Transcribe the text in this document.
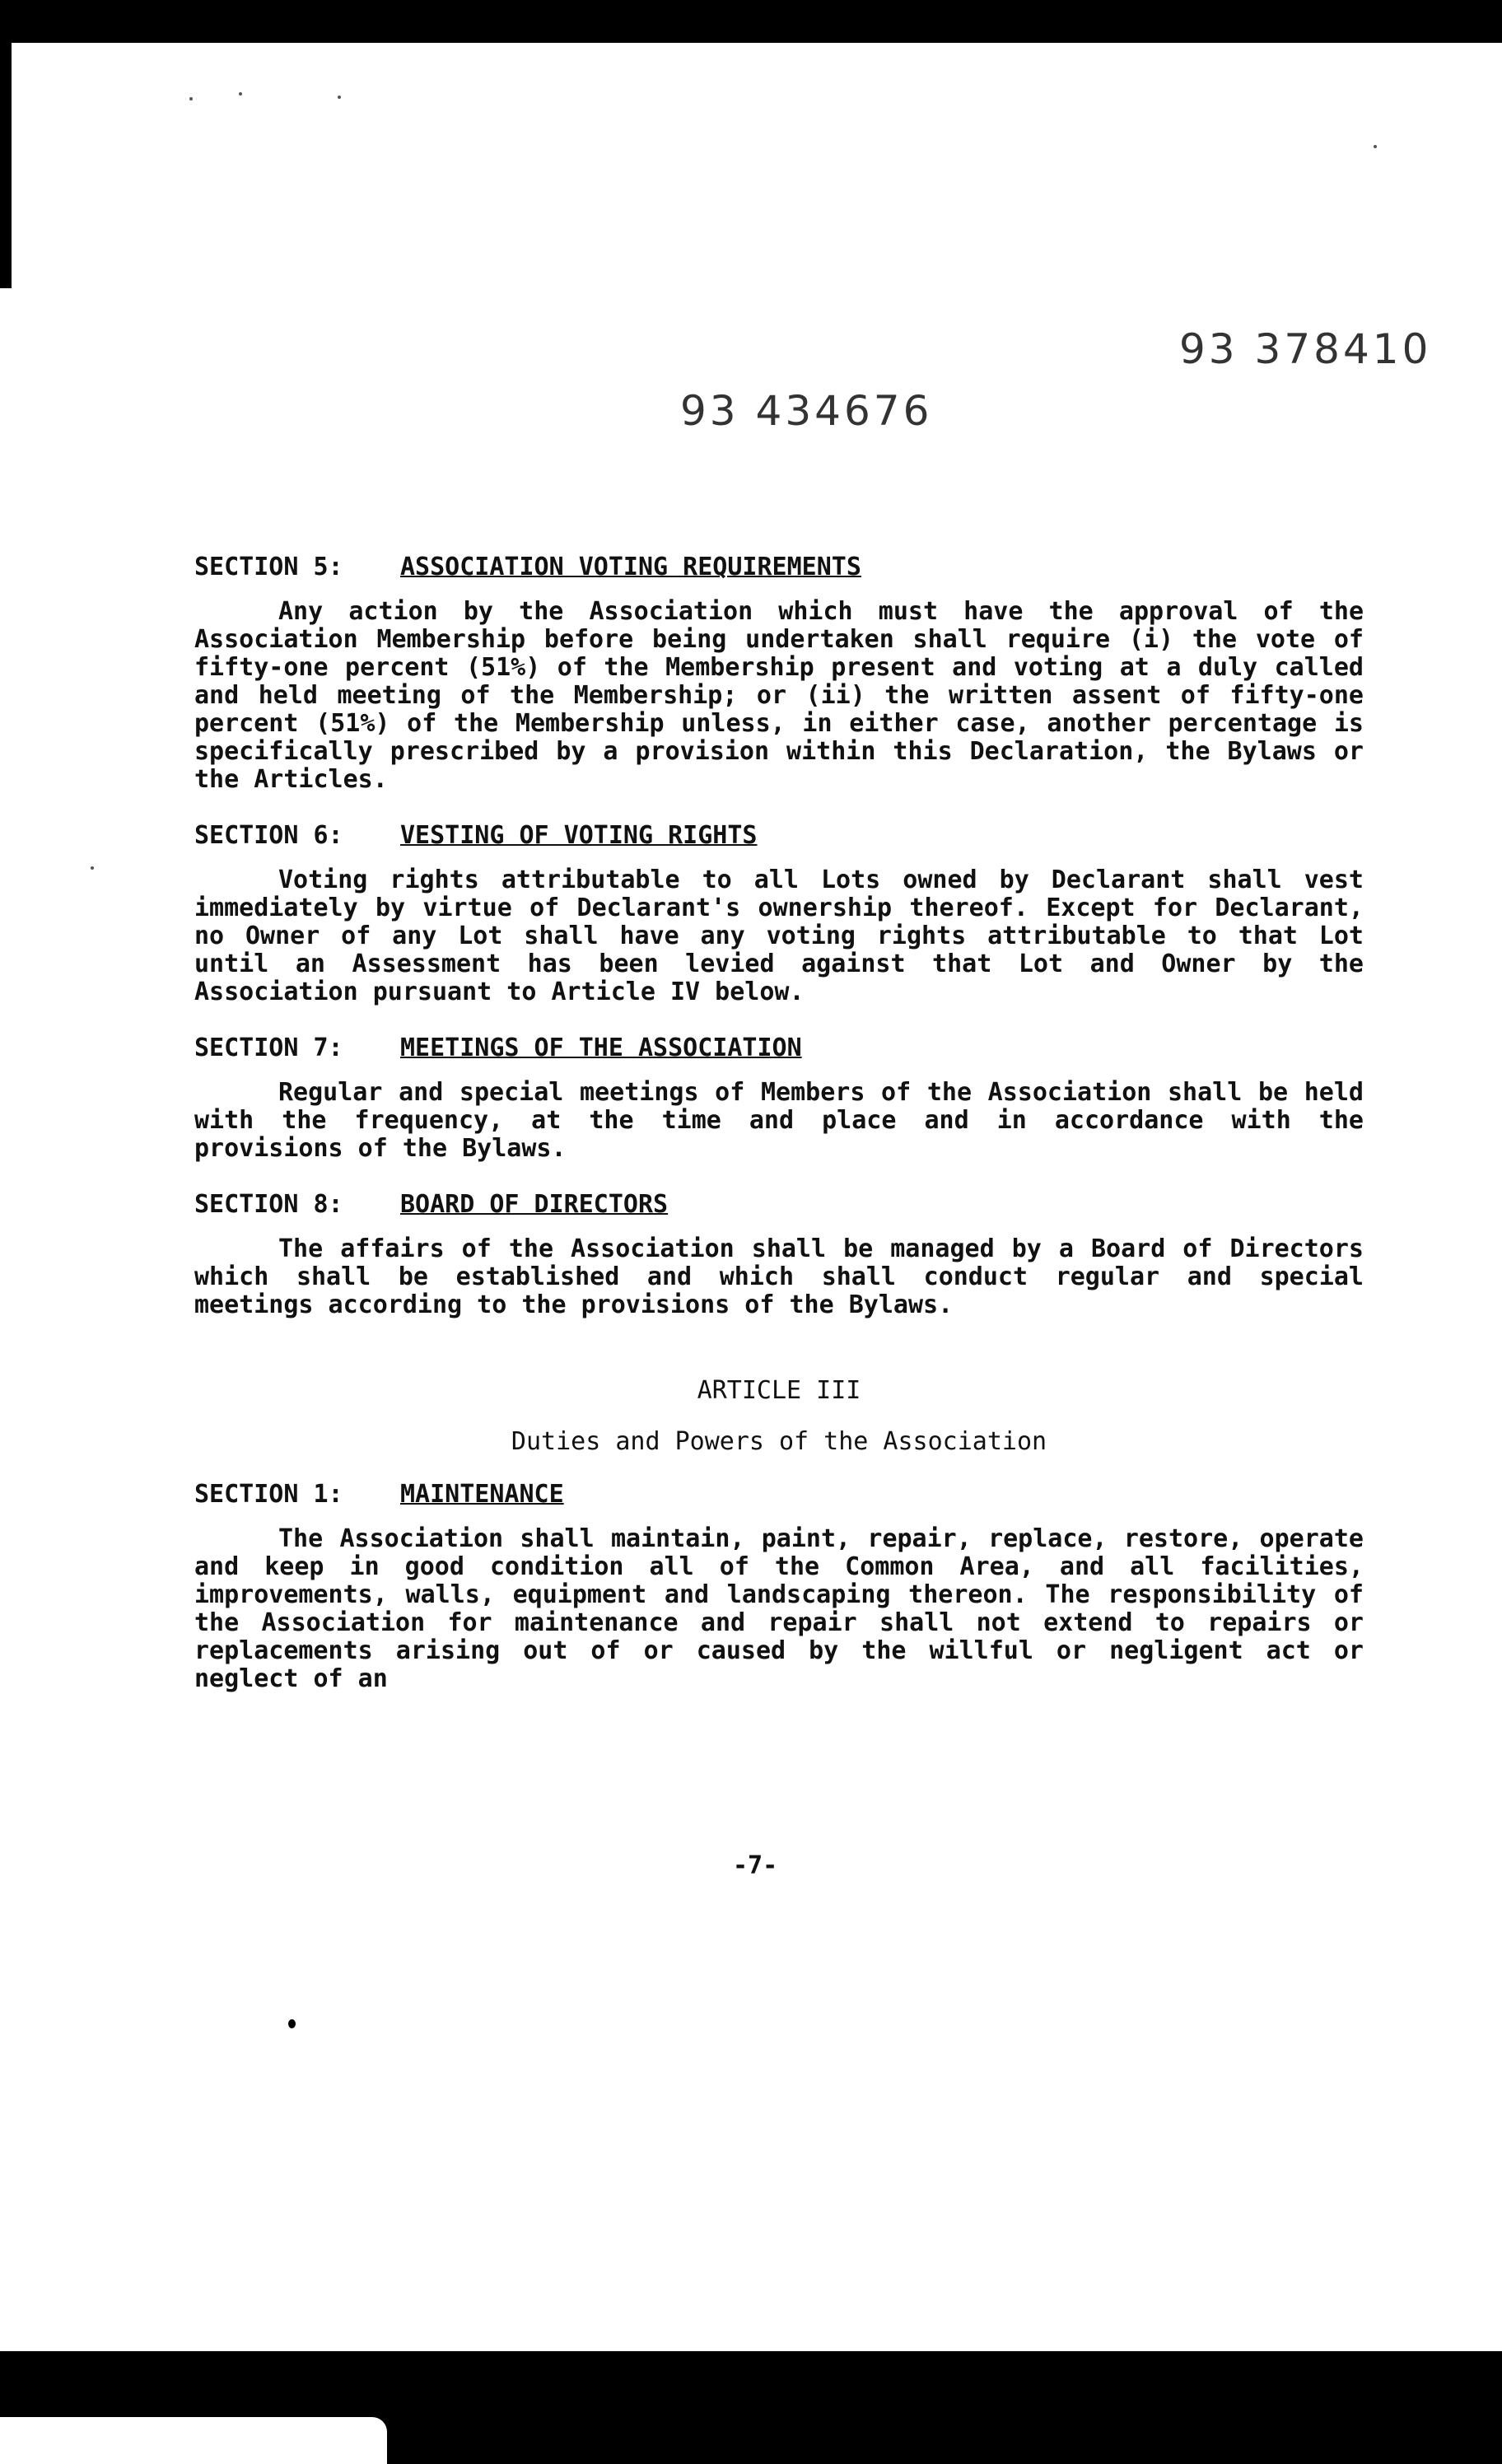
93 378410
93 434676
SECTION 5: ASSOCIATION VOTING REQUIREMENTS

Any action by the Association which must have the approval of the Association Membership before being undertaken shall require (i) the vote of fifty-one percent (51%) of the Membership present and voting at a duly called and held meeting of the Membership; or (ii) the written assent of fifty-one percent (51%) of the Membership unless, in either case, another percentage is specifically prescribed by a provision within this Declaration, the Bylaws or the Articles.

SECTION 6: VESTING OF VOTING RIGHTS

Voting rights attributable to all Lots owned by Declarant shall vest immediately by virtue of Declarant's ownership thereof. Except for Declarant, no Owner of any Lot shall have any voting rights attributable to that Lot until an Assessment has been levied against that Lot and Owner by the Association pursuant to Article IV below.

SECTION 7: MEETINGS OF THE ASSOCIATION

Regular and special meetings of Members of the Association shall be held with the frequency, at the time and place and in accordance with the provisions of the Bylaws.

SECTION 8: BOARD OF DIRECTORS

The affairs of the Association shall be managed by a Board of Directors which shall be established and which shall conduct regular and special meetings according to the provisions of the Bylaws.

ARTICLE III
Duties and Powers of the Association
SECTION 1: MAINTENANCE

The Association shall maintain, paint, repair, replace, restore, operate and keep in good condition all of the Common Area, and all facilities, improvements, walls, equipment and landscaping thereon. The responsibility of the Association for maintenance and repair shall not extend to repairs or replacements arising out of or caused by the willful or negligent act or neglect of an

-7-
